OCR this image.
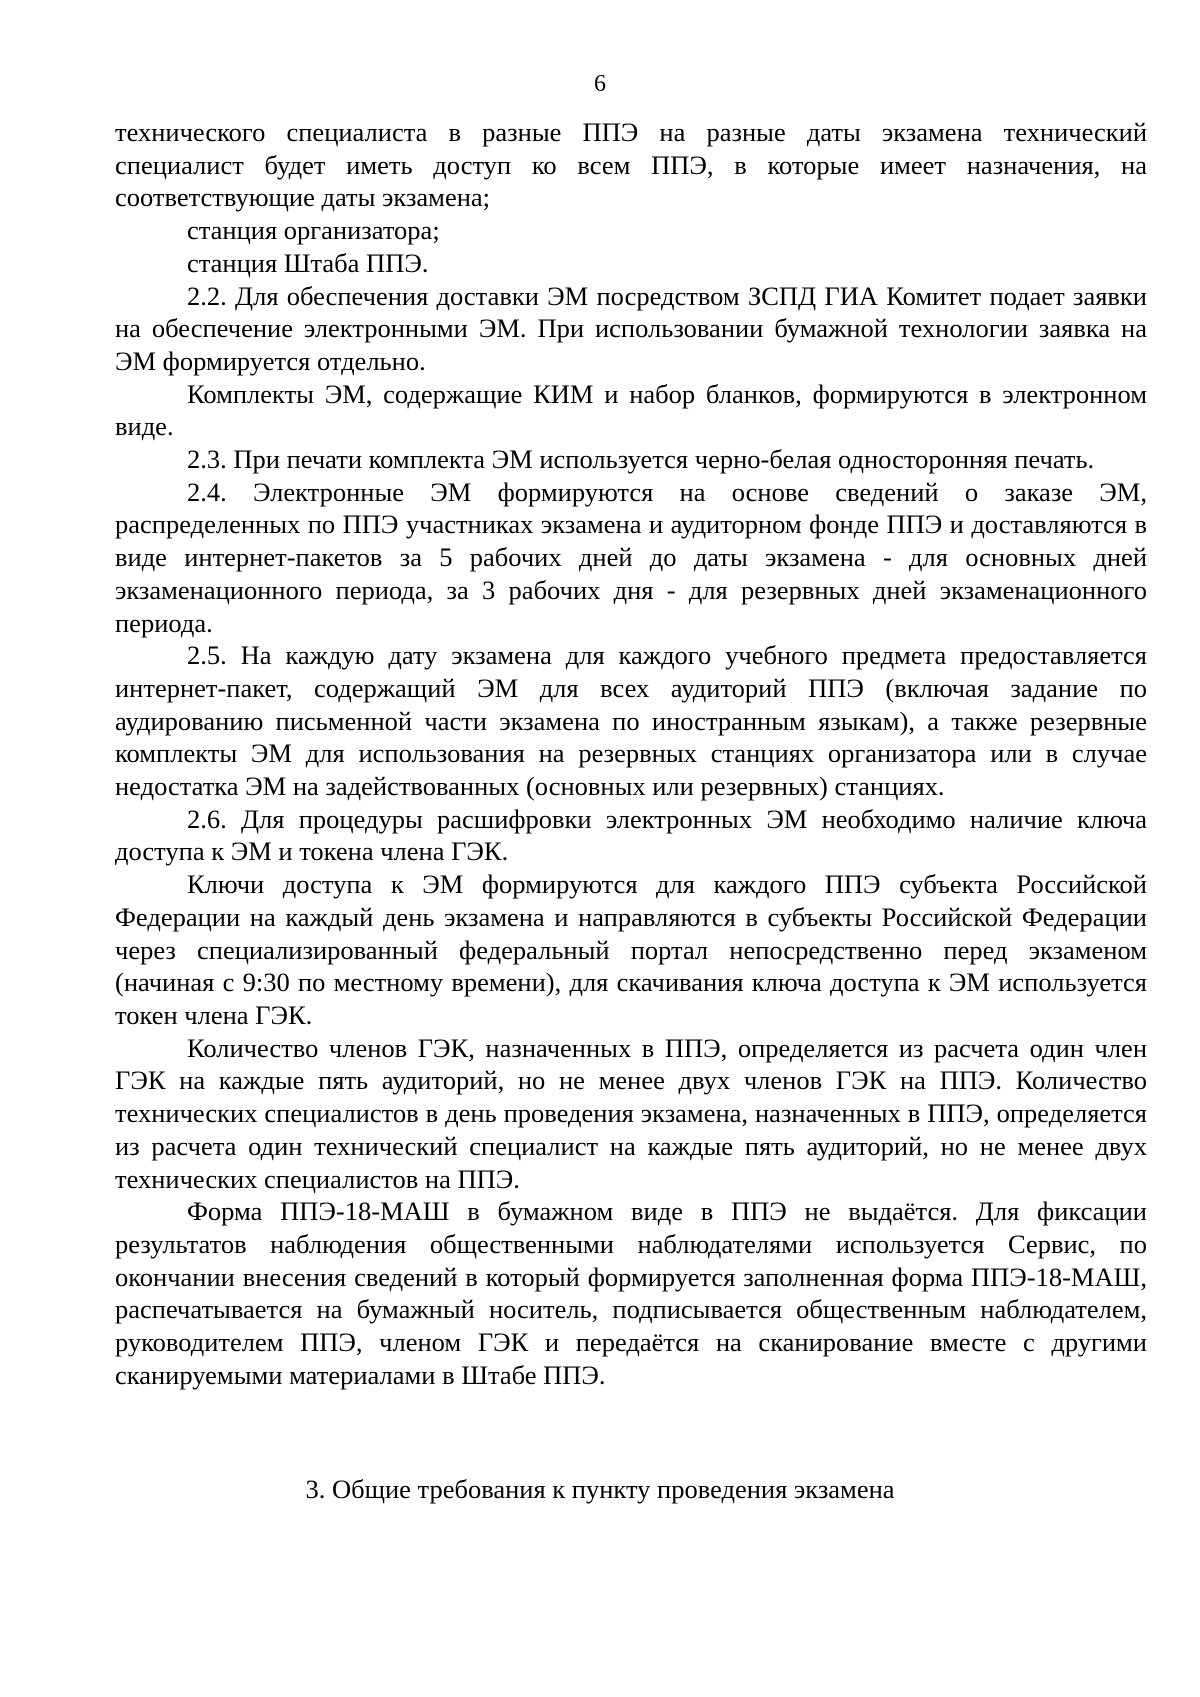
6

технического специалиста в разные ППЭ на разные даты экзамена технический специалист будет иметь доступ ко всем ППЭ, в которые имеет назначения, на соответствующие даты экзамена;

станция организатора;

станция Штаба ППЭ.

2.2. Для обеспечения доставки ЭМ посредством ЗСПД ГИА Комитет подает заявки на обеспечение электронными ЭМ. При использовании бумажной технологии заявка на ЭМ формируется отдельно.

Комплекты ЭМ, содержащие КИМ и набор бланков, формируются в электронном виде.

2.3. При печати комплекта ЭМ используется черно-белая односторонняя печать.

2.4. Электронные ЭМ формируются на основе сведений о заказе ЭМ, распределенных по ППЭ участниках экзамена и аудиторном фонде ППЭ и доставляются в виде интернет-пакетов за 5 рабочих дней до даты экзамена - для основных дней экзаменационного периода, за 3 рабочих дня - для резервных дней экзаменационного периода.

2.5. На каждую дату экзамена для каждого учебного предмета предоставляется интернет-пакет, содержащий ЭМ для всех аудиторий ППЭ (включая задание по аудированию письменной части экзамена по иностранным языкам), а также резервные комплекты ЭМ для использования на резервных станциях организатора или в случае недостатка ЭМ на задействованных (основных или резервных) станциях.

2.6. Для процедуры расшифровки электронных ЭМ необходимо наличие ключа доступа к ЭМ и токена члена ГЭК.

Ключи доступа к ЭМ формируются для каждого ППЭ субъекта Российской Федерации на каждый день экзамена и направляются в субъекты Российской Федерации через специализированный федеральный портал непосредственно перед экзаменом (начиная с 9:30 по местному времени), для скачивания ключа доступа к ЭМ используется токен члена ГЭК.

Количество членов ГЭК, назначенных в ППЭ, определяется из расчета один член ГЭК на каждые пять аудиторий, но не менее двух членов ГЭК на ППЭ. Количество технических специалистов в день проведения экзамена, назначенных в ППЭ, определяется из расчета один технический специалист на каждые пять аудиторий, но не менее двух технических специалистов на ППЭ.

Форма ППЭ-18-МАШ в бумажном виде в ППЭ не выдаётся. Для фиксации результатов наблюдения общественными наблюдателями используется Сервис, по окончании внесения сведений в который формируется заполненная форма ППЭ-18-МАШ, распечатывается на бумажный носитель, подписывается общественным наблюдателем, руководителем ППЭ, членом ГЭК и передаётся на сканирование вместе с другими сканируемыми материалами в Штабе ППЭ.

3. Общие требования к пункту проведения экзамена
